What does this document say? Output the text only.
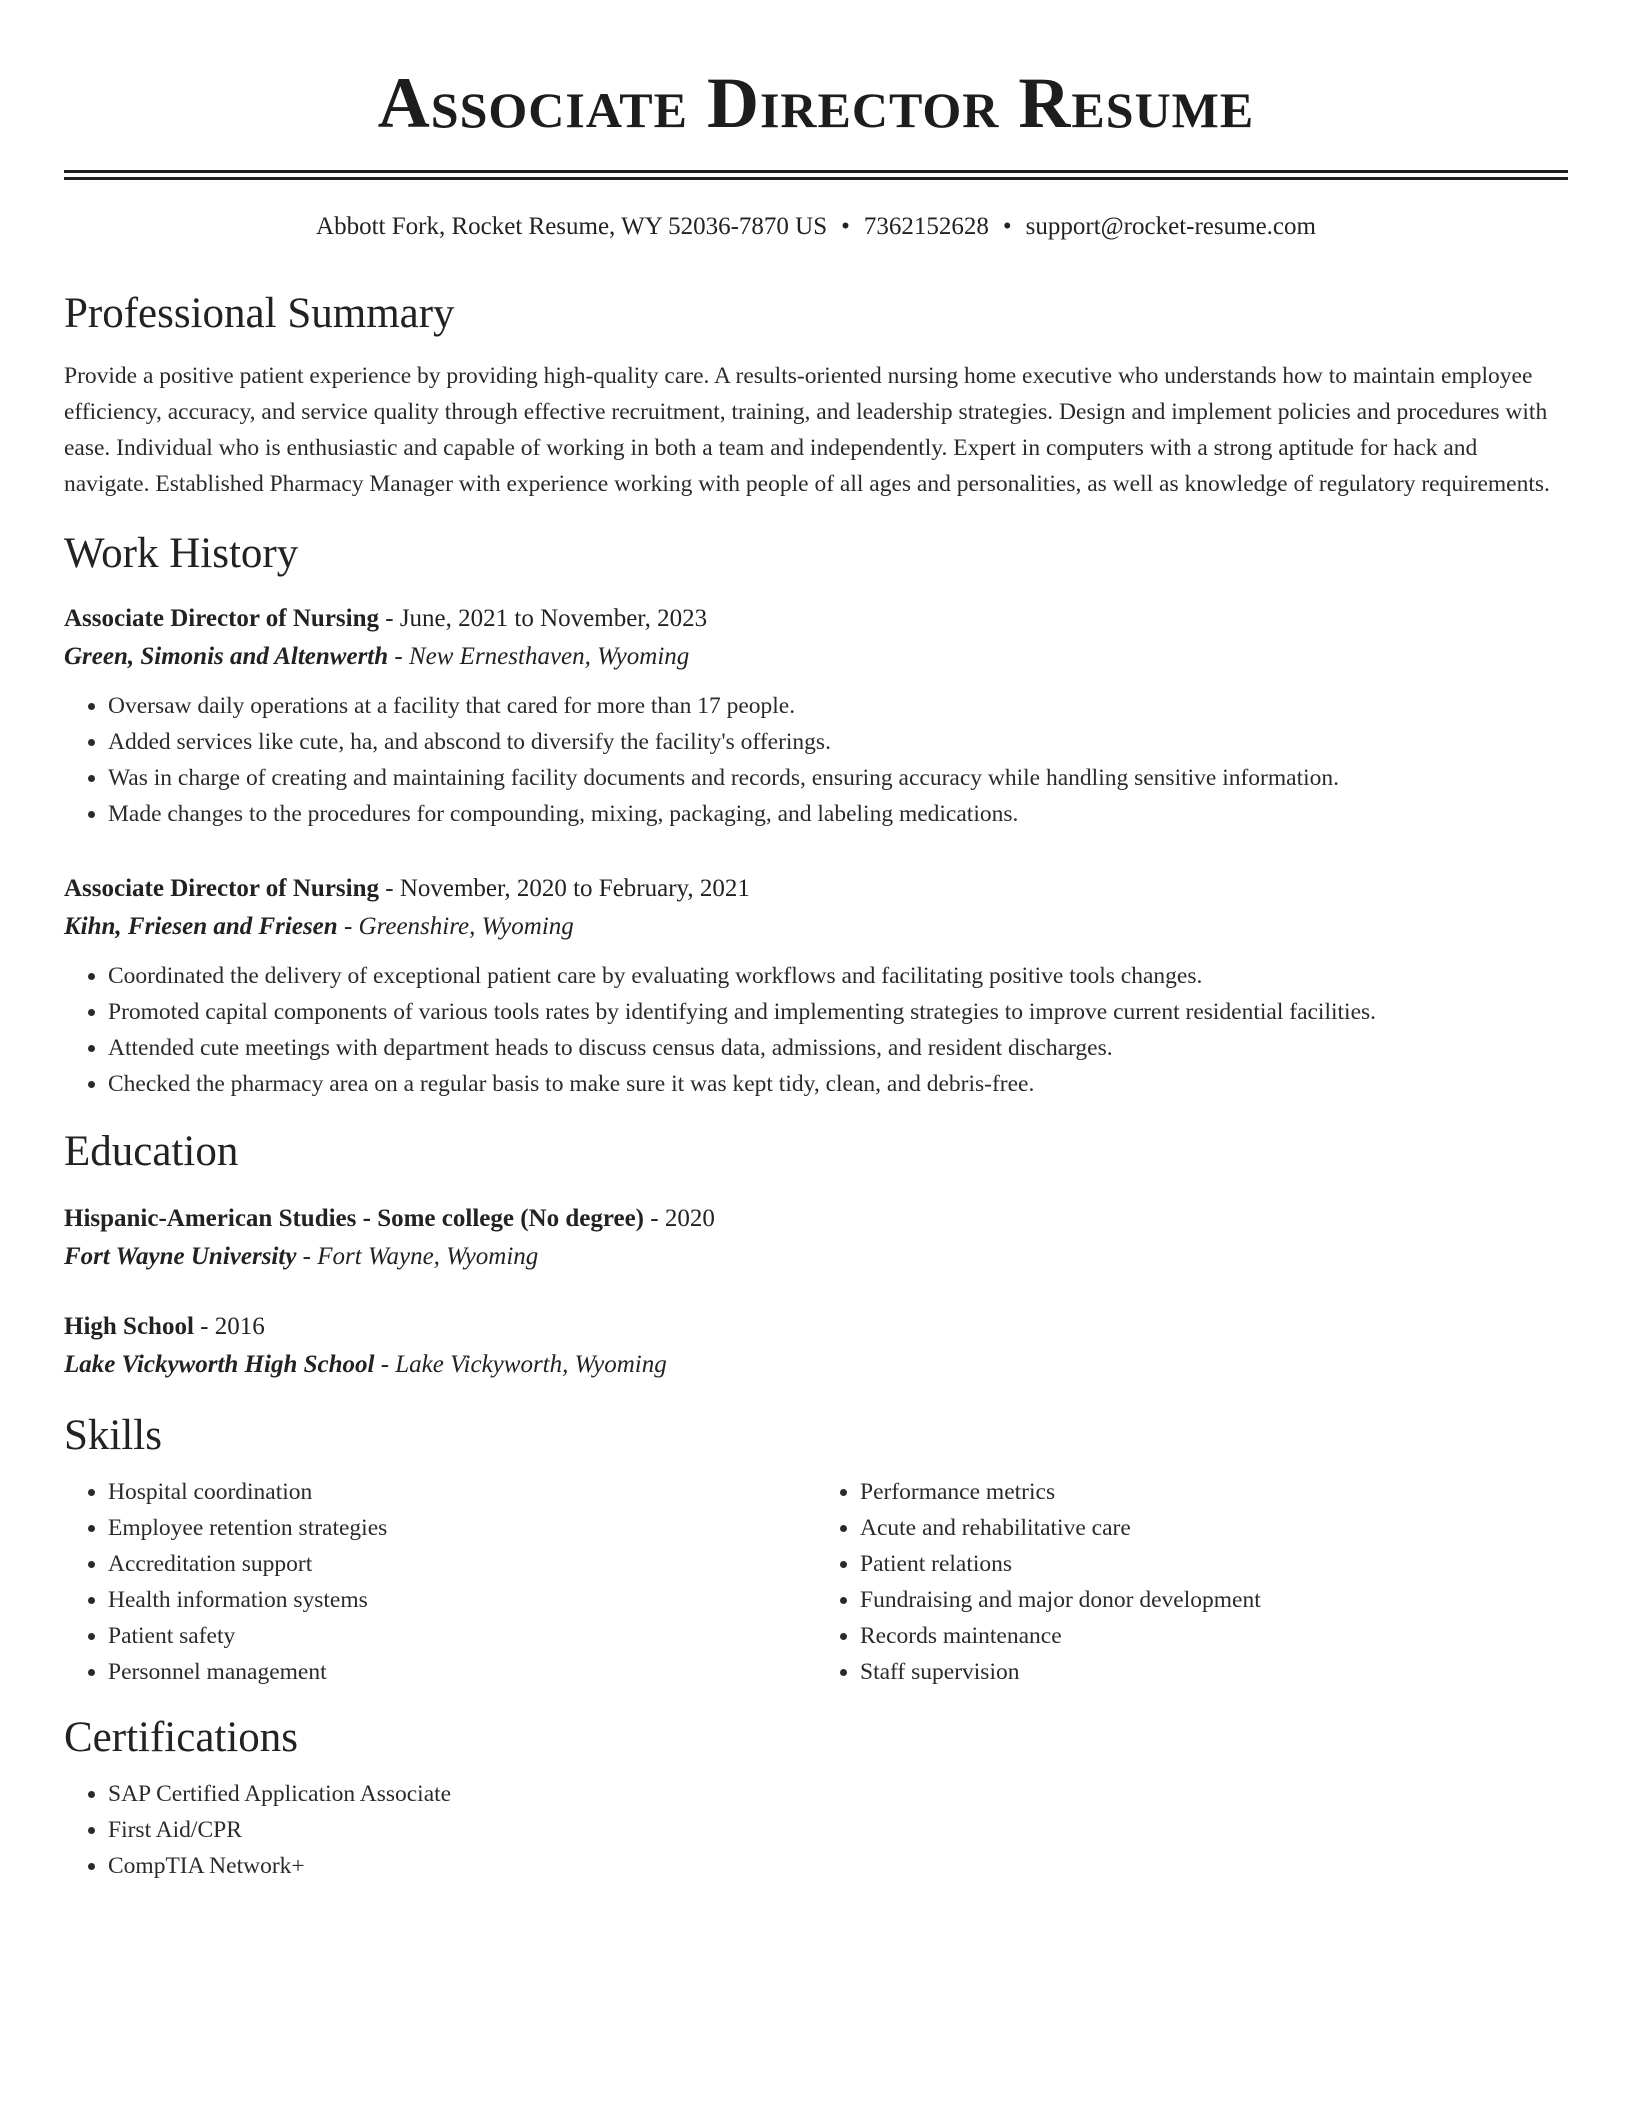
Associate Director Resume
Abbott Fork, Rocket Resume, WY 52036-7870 US • 7362152628 • support@rocket-resume.com
Professional Summary
Provide a positive patient experience by providing high-quality care. A results-oriented nursing home executive who understands how to maintain employee efficiency, accuracy, and service quality through effective recruitment, training, and leadership strategies. Design and implement policies and procedures with ease. Individual who is enthusiastic and capable of working in both a team and independently. Expert in computers with a strong aptitude for hack and navigate. Established Pharmacy Manager with experience working with people of all ages and personalities, as well as knowledge of regulatory requirements.
Work History
Associate Director of Nursing - June, 2021 to November, 2023
Green, Simonis and Altenwerth - New Ernesthaven, Wyoming
• Oversaw daily operations at a facility that cared for more than 17 people.
• Added services like cute, ha, and abscond to diversify the facility's offerings.
• Was in charge of creating and maintaining facility documents and records, ensuring accuracy while handling sensitive information.
• Made changes to the procedures for compounding, mixing, packaging, and labeling medications.
Associate Director of Nursing - November, 2020 to February, 2021
Kihn, Friesen and Friesen - Greenshire, Wyoming
• Coordinated the delivery of exceptional patient care by evaluating workflows and facilitating positive tools changes.
• Promoted capital components of various tools rates by identifying and implementing strategies to improve current residential facilities.
• Attended cute meetings with department heads to discuss census data, admissions, and resident discharges.
• Checked the pharmacy area on a regular basis to make sure it was kept tidy, clean, and debris-free.
Education
Hispanic-American Studies - Some college (No degree) - 2020
Fort Wayne University - Fort Wayne, Wyoming
High School - 2016
Lake Vickyworth High School - Lake Vickyworth, Wyoming
Skills
• Hospital coordination
• Employee retention strategies
• Accreditation support
• Health information systems
• Patient safety
• Personnel management
• Performance metrics
• Acute and rehabilitative care
• Patient relations
• Fundraising and major donor development
• Records maintenance
• Staff supervision
Certifications
• SAP Certified Application Associate
• First Aid/CPR
• CompTIA Network+
